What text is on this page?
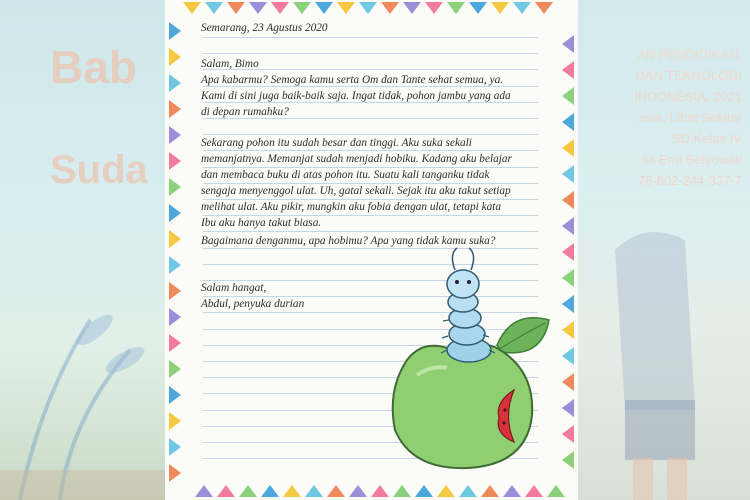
Bab
Suda
AN PENDIDIKAN,
DAN TEKNOLOGI
INDONESIA, 2021
esia: Lihat Sekitar
SD Kelas IV
lia Erni Setyowati
78-602-244-337-7
Semarang, 23 Agustus 2020
Salam, Bimo
Apa kabarmu? Semoga kamu serta Om dan Tante sehat semua, ya.
Kami di sini juga baik-baik saja. Ingat tidak, pohon jambu yang ada
di depan rumahku?
Sekarang pohon itu sudah besar dan tinggi. Aku suka sekali
memanjatnya. Memanjat sudah menjadi hobiku. Kadang aku belajar
dan membaca buku di atas pohon itu. Suatu kali tanganku tidak
sengaja menyenggol ulat. Uh, gatal sekali. Sejak itu aku takut setiap
melihat ulat. Aku pikir, mungkin aku fobia dengan ulat, tetapi kata
Ibu aku hanya takut biasa.
Bagaimana denganmu, apa hobimu? Apa yang tidak kamu suka?
Salam hangat,
Abdul, penyuka durian
